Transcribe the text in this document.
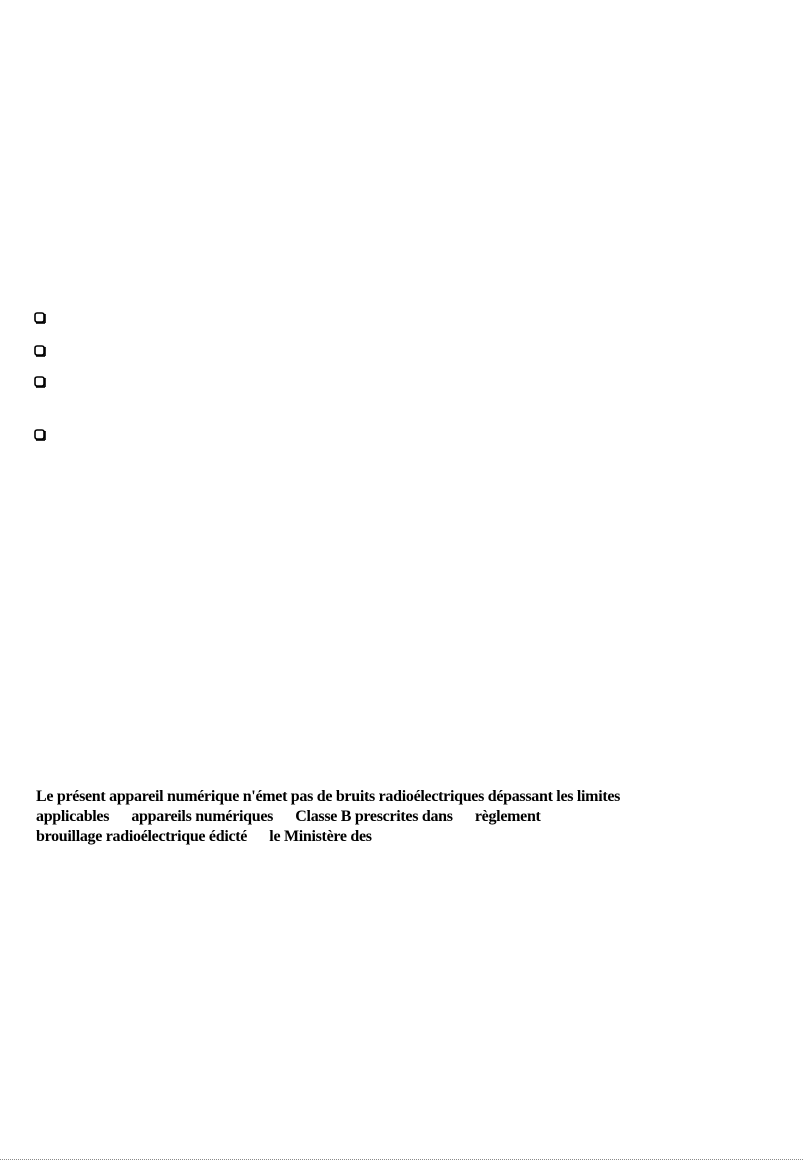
Le présent appareil numérique n'émet pas de bruits radioélectriques dépassant les limites
applicables      appareils numériques      Classe B prescrites dans      règlement
brouillage radioélectrique édicté      le Ministère des
